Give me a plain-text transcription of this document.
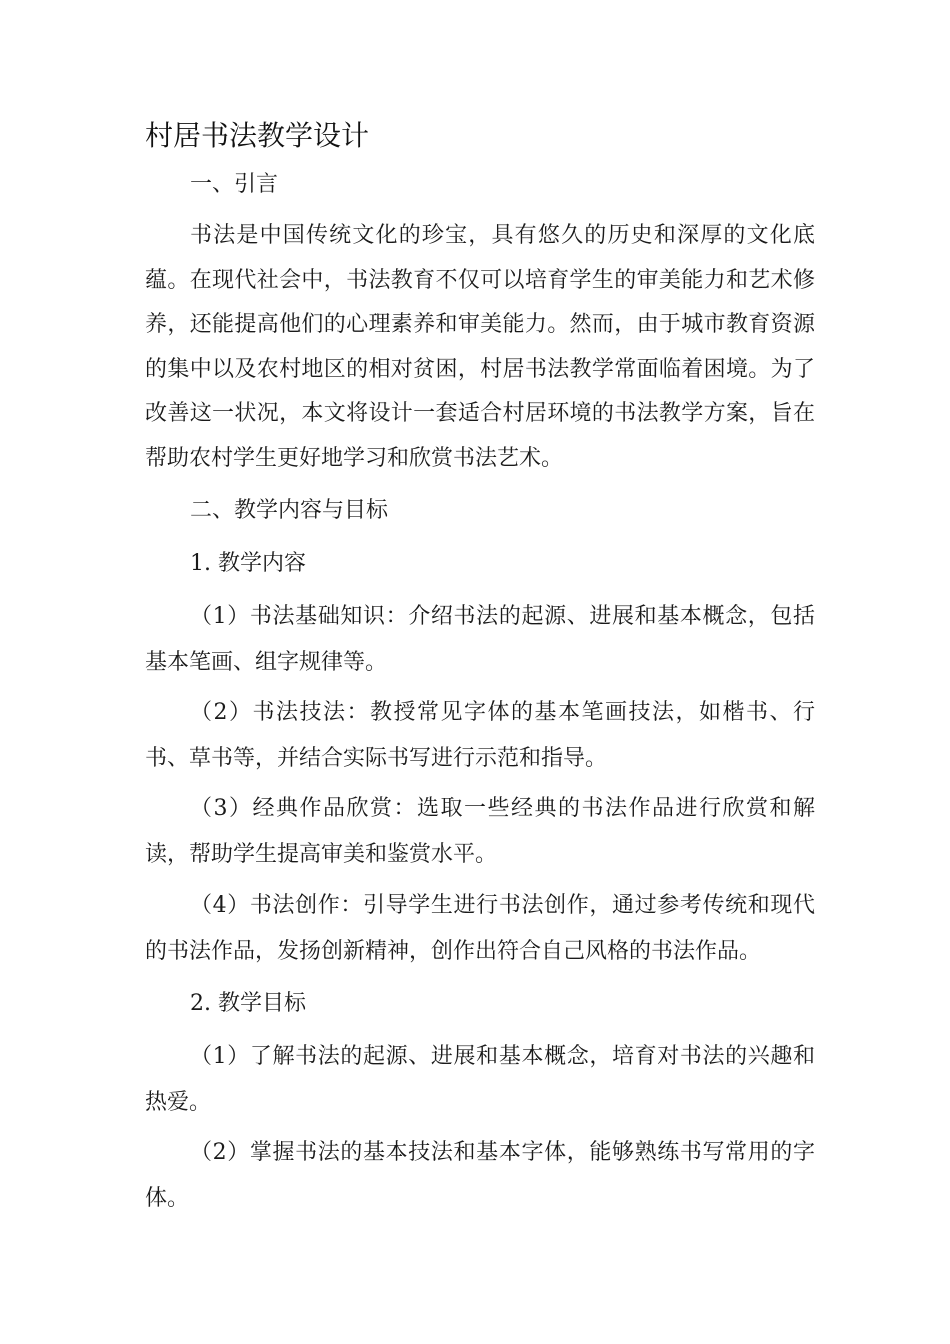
村居书法教学设计
一、引言
书法是中国传统文化的珍宝，具有悠久的历史和深厚的文化底蕴。在现代社会中，书法教育不仅可以培育学生的审美能力和艺术修养，还能提高他们的心理素养和审美能力。然而，由于城市教育资源的集中以及农村地区的相对贫困，村居书法教学常面临着困境。为了改善这一状况，本文将设计一套适合村居环境的书法教学方案，旨在帮助农村学生更好地学习和欣赏书法艺术。
二、教学内容与目标
1. 教学内容
（1）书法基础知识：介绍书法的起源、进展和基本概念，包括基本笔画、组字规律等。
（2）书法技法：教授常见字体的基本笔画技法，如楷书、行书、草书等，并结合实际书写进行示范和指导。
（3）经典作品欣赏：选取一些经典的书法作品进行欣赏和解读，帮助学生提高审美和鉴赏水平。
（4）书法创作：引导学生进行书法创作，通过参考传统和现代的书法作品，发扬创新精神，创作出符合自己风格的书法作品。
2. 教学目标
（1）了解书法的起源、进展和基本概念，培育对书法的兴趣和热爱。
（2）掌握书法的基本技法和基本字体，能够熟练书写常用的字体。
